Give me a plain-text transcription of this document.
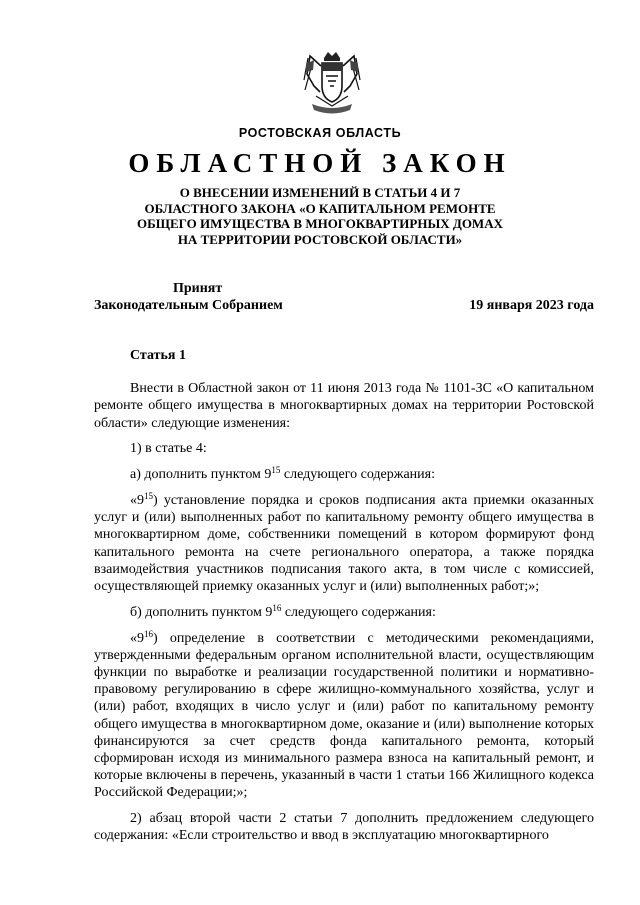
РОСТОВСКАЯ ОБЛАСТЬ
ОБЛАСТНОЙ ЗАКОН
О ВНЕСЕНИИ ИЗМЕНЕНИЙ В СТАТЬИ 4 И 7
ОБЛАСТНОГО ЗАКОНА «О КАПИТАЛЬНОМ РЕМОНТЕ
ОБЩЕГО ИМУЩЕСТВА В МНОГОКВАРТИРНЫХ ДОМАХ
НА ТЕРРИТОРИИ РОСТОВСКОЙ ОБЛАСТИ»
Принят
Законодательным Собранием	19 января 2023 года
Статья 1

Внести в Областной закон от 11 июня 2013 года № 1101-ЗС «О капитальном ремонте общего имущества в многоквартирных домах на территории Ростовской области» следующие изменения:

1) в статье 4:

а) дополнить пунктом $9^{15}$ следующего содержания:

«$9^{15}$) установление порядка и сроков подписания акта приемки оказанных услуг и (или) выполненных работ по капитальному ремонту общего имущества в многоквартирном доме, собственники помещений в котором формируют фонд капитального ремонта на счете регионального оператора, а также порядка взаимодействия участников подписания такого акта, в том числе с комиссией, осуществляющей приемку оказанных услуг и (или) выполненных работ;»;

б) дополнить пунктом $9^{16}$ следующего содержания:

«$9^{16}$) определение в соответствии с методическими рекомендациями, утвержденными федеральным органом исполнительной власти, осуществляющим функции по выработке и реализации государственной политики и нормативно-правовому регулированию в сфере жилищно-коммунального хозяйства, услуг и (или) работ, входящих в число услуг и (или) работ по капитальному ремонту общего имущества в многоквартирном доме, оказание и (или) выполнение которых финансируются за счет средств фонда капитального ремонта, который сформирован исходя из минимального размера взноса на капитальный ремонт, и которые включены в перечень, указанный в части 1 статьи 166 Жилищного кодекса Российской Федерации;»;

2) абзац второй части 2 статьи 7 дополнить предложением следующего содержания: «Если строительство и ввод в эксплуатацию многоквартирного
